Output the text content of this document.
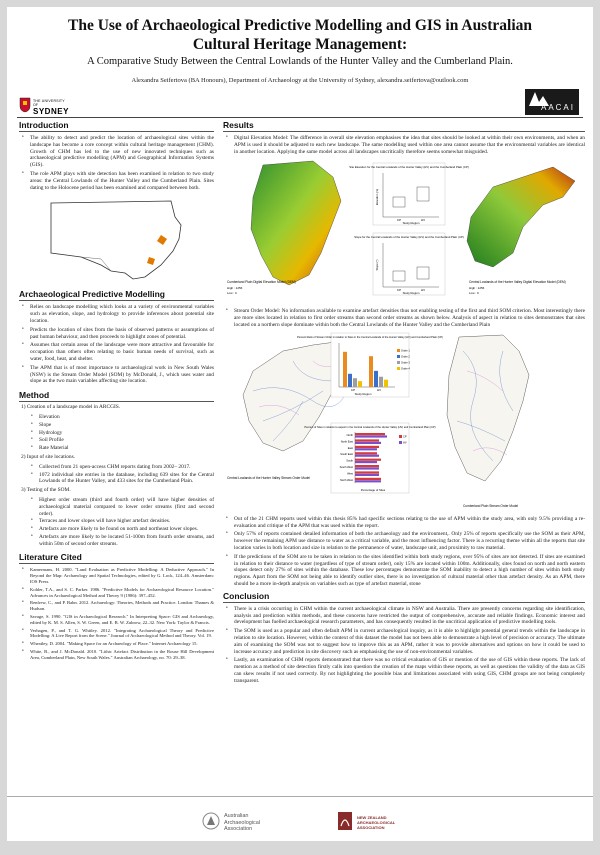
The Use of Archaeological Predictive Modelling and GIS in Australian Cultural Heritage Management:
A Comparative Study Between the Central Lowlands of the Hunter Valley and the Cumberland Plain.
Alexandra Seifertova (BA Honours), Department of Archaeology at the University of Sydney, alexandra.seifertova@outlook.com
THE UNIVERSITY OF
SYDNEY	AACAI
Introduction
• The ability to detect and predict the location of archaeological sites within the landscape has become a core concept within cultural heritage management (CHM). Growth of CHM has led to the use of new innovated techniques such as archaeological predictive modelling (APM) and Geographical Information Systems (GIS).
• The role APM plays with site detection has been examined in relation to two study areas: the Central Lowlands of the Hunter Valley and the Cumberland Plain. Sites dating to the Holocene period has been examined and compared between both.
Archaeological Predictive Modelling
• Relies on landscape modelling which looks at a variety of environmental variables such as elevation, slope, and hydrology to provide inferences about potential site location.
• Predicts the location of sites from the basis of observed patterns or assumptions of past human behaviour, and then proceeds to highlight zones of potential.
• Assumes that certain areas of the landscape were more attractive and favourable for occupation than others often relating to basic human needs of survival, such as water, food, heat, and shelter.
• The APM that is of most importance to archaeological work in New South Wales (NSW) is the Stream Order Model (SOM) by McDonald, J., which uses water and slope as the two main variables affecting site location.
Method
1) Creation of a landscape model in ARCGIS.
• Elevation
• Slope
• Hydrology
• Soil Profile
• Rate Material
2) Input of site locations.
• Collected from 21 open-access CHM reports dating from 2002– 2017.
• 1072 individual site entries in the database, including 639 sites for the Central Lowlands of the Hunter Valley, and 433 sites for the Cumberland Plain.
3) Testing of the SOM.
• Highest order stream (third and fourth order) will have higher densities of archaeological material compared to lower order streams (first and second order).
• Terraces and lower slopes will have higher artefact densities.
• Artefacts are more likely to be found on north and northeast lower slopes.
• Artefacts are more likely to be located 51-100m from fourth order streams, and within 50m of second order streams.
Literature Cited
• Kamermans, H. 2000. "Land Evaluation as Predictive Modelling: A Deductive Approach." In Beyond the Map: Archaeology and Spatial Technologies, edited by G. Lock, 124–46. Amsterdam: IOS Press.
• Kohler, T.A., and S. C. Parker. 1986. "Predictive Models for Archaeological Resource Location." Advances in Archaeological Method and Theory 9 (1986): 397–452.
• Renfrew, C., and P. Bahn. 2012. Archaeology: Theories, Methods and Practice. London: Thames & Hudson.
• Savage, S. 1990. "GIS in Archaeological Research." In Interpreting Space: GIS and Archaeology, edited by K. M. S. Allen, S. W. Green, and E. B. W. Zubrow, 22–32. New York: Taylor & Francis.
• Verhagen, P., and T. G. Whitley. 2012. "Integrating Archaeological Theory and Predictive Modelling: A Live Report from the Scene." Journal of Archaeological Method and Theory. Vol. 19.
• Wheatley, D. 2004. "Making Space for an Archaeology of Place." Internet Archaeology 15.
• White, B., and J. McDonald. 2010. "Lithic Artefact Distribution in the Rouse Hill Development Area, Cumberland Plain, New South Wales." Australian Archaeology, no. 70: 29–38.
Results
• Digital Elevation Model: The difference in overall site elevation emphasises the idea that sites should be looked at within their own environments, and when an APM is used it should be adjusted to each new landscape. The same modelling used within one area cannot assume that the environmental variables are identical in another location. Applying the same model across all landscapes uncritically therefore seems somewhat misguided.
Cumberland Plain Digital Elevation Model (DEM)
High : 1256
Low : 0
Site Elevation for the Central Lowlands of the Hunter Valley (HV) and the Cumberland Plain (CP)
CP	HV
Study Region
Elevation (m)
Slope for the Central Lowlands of the Hunter Valley (HV) and the Cumberland Plain (CP)
CP	HV
Study Region
Slope (°)
Central Lowlands of the Hunter Valley Digital Elevation Model (DEM)
High : 1256
Low : 0
• Stream Order Model: No information available to examine artefact densities thus not enabling testing of the first and third SOM criterion. Most interestingly there are more sites located in relation to first order streams than second order streams as shown below. Analysis of aspect in relation to sites demonstrates that sites located on a northern slope dominate within both the Central Lowlands of the Hunter Valley and the Cumberland Plain
Central Lowlands of the Hunter Valley Stream Order Model
Percent Ratio of Stream Order in relation to Sites in the Central Lowlands of the Hunter Valley (HV) and Cumberland Plain (CP)
Study Region
CP	HV
Order 1
Order 2
Order 3
Order 4
Percent of Sites in relation to aspect in the Central Lowlands of the Hunter Valley (HV) and Cumberland Plain (CP)
Percentage of Sites
North
North East
East
South East
South
South West
West
North West
CP
HV
Cumberland Plain Stream Order Model
• Out of the 21 CHM reports used within this thesis 85% had specific sections relating to the use of APM within the study area, with only 9.5% providing a re-evaluation and critique of the APM that was used within the report.
• Only 57% of reports contained detailed information of both the archaeology and the environment,. Only 25% of reports specifically use the SOM as their APM, however the remaining APM use distance to water as a critical variable, and the most influencing factor. There is a recurring theme within all the reports that site location varies in both location and size in relation to the permanence of water, landscape unit, and proximity to raw material.
• If the predictions of the SOM are to be taken in relation to the sites identified within both study regions, over 95% of sites are not detected. If sites are examined in relation to their distance to water (regardless of type of stream order), only 15% are located within 100m. Additionally, sites found on north and north eastern slopes detect only 27% of sites within the database. These low percentages demonstrate the SOM inability to detect a high number of sites within both study regions. Apart from the SOM not being able to identify outlier sites, there is no investigation of cultural material other than artefact density. As an APM, there should be a more in-depth analysis on variables such as type of artefact material, stone
Conclusion
• There is a crisis occurring in CHM within the current archaeological climate in NSW and Australia. There are presently concerns regarding site identification, analysis and prediction within methods, and these concerns have restricted the output of comprehensive, accurate and reliable findings. Economic interest and development has fuelled archaeological research parameters, and has consequently resulted in the uncritical application of predictive modelling tools.
• The SOM is used as a popular and often default APM in current archaeological inquiry, as it is able to highlight potential general trends within the landscape in relation to site location. However, within the context of this dataset the model has not been able to demonstrate a high level of precision or accuracy. The ultimate aim of examining the SOM was not to suggest how to improve this as an APM, rather it was to provide alternatives and options on how it could be used to increase accuracy and prediction in site discovery such as emphasising the use of non-environmental variables.
• Lastly, an examination of CHM reports demonstrated that there was no critical evaluation of GIS or mention of the use of GIS within these reports. The lack of mention as a method of site detection firstly calls into question the creation of the maps within these reports, as well as questions the validity of the data as GIS can skew results if not used correctly. By not highlighting the possible bias and limitations associated with using GIS, CHM groups are not being completely transparent.
Australian
Archaeological
Association
NEW ZEALAND
ARCHAEOLOGICAL
ASSOCIATION
